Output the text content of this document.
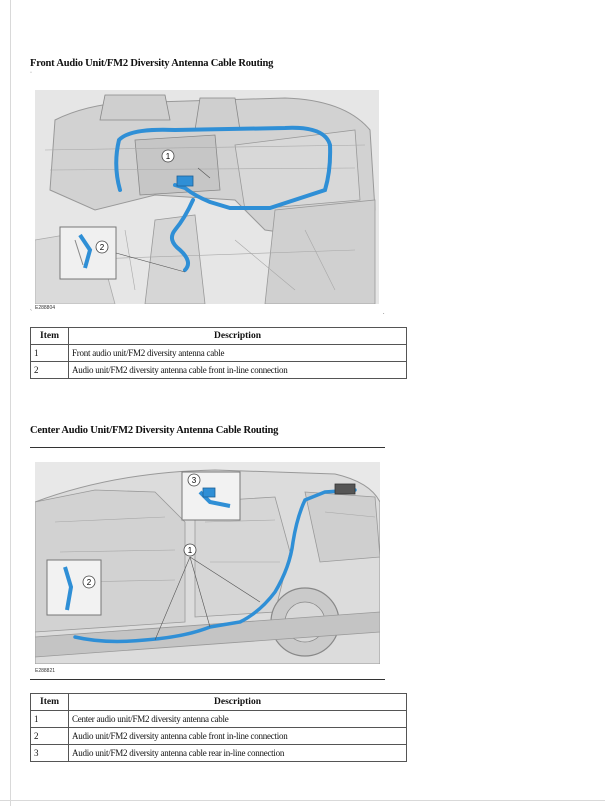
Front Audio Unit/FM2 Diversity Antenna Cable Routing
·
1
2
E288804
`	.
Item	Description
1	Front audio unit/FM2 diversity antenna cable
2	Audio unit/FM2 diversity antenna cable front in-line connection
Center Audio Unit/FM2 Diversity Antenna Cable Routing
3
1
2
E288821
Item	Description
1	Center audio unit/FM2 diversity antenna cable
2	Audio unit/FM2 diversity antenna cable front in-line connection
3	Audio unit/FM2 diversity antenna cable rear in-line connection
